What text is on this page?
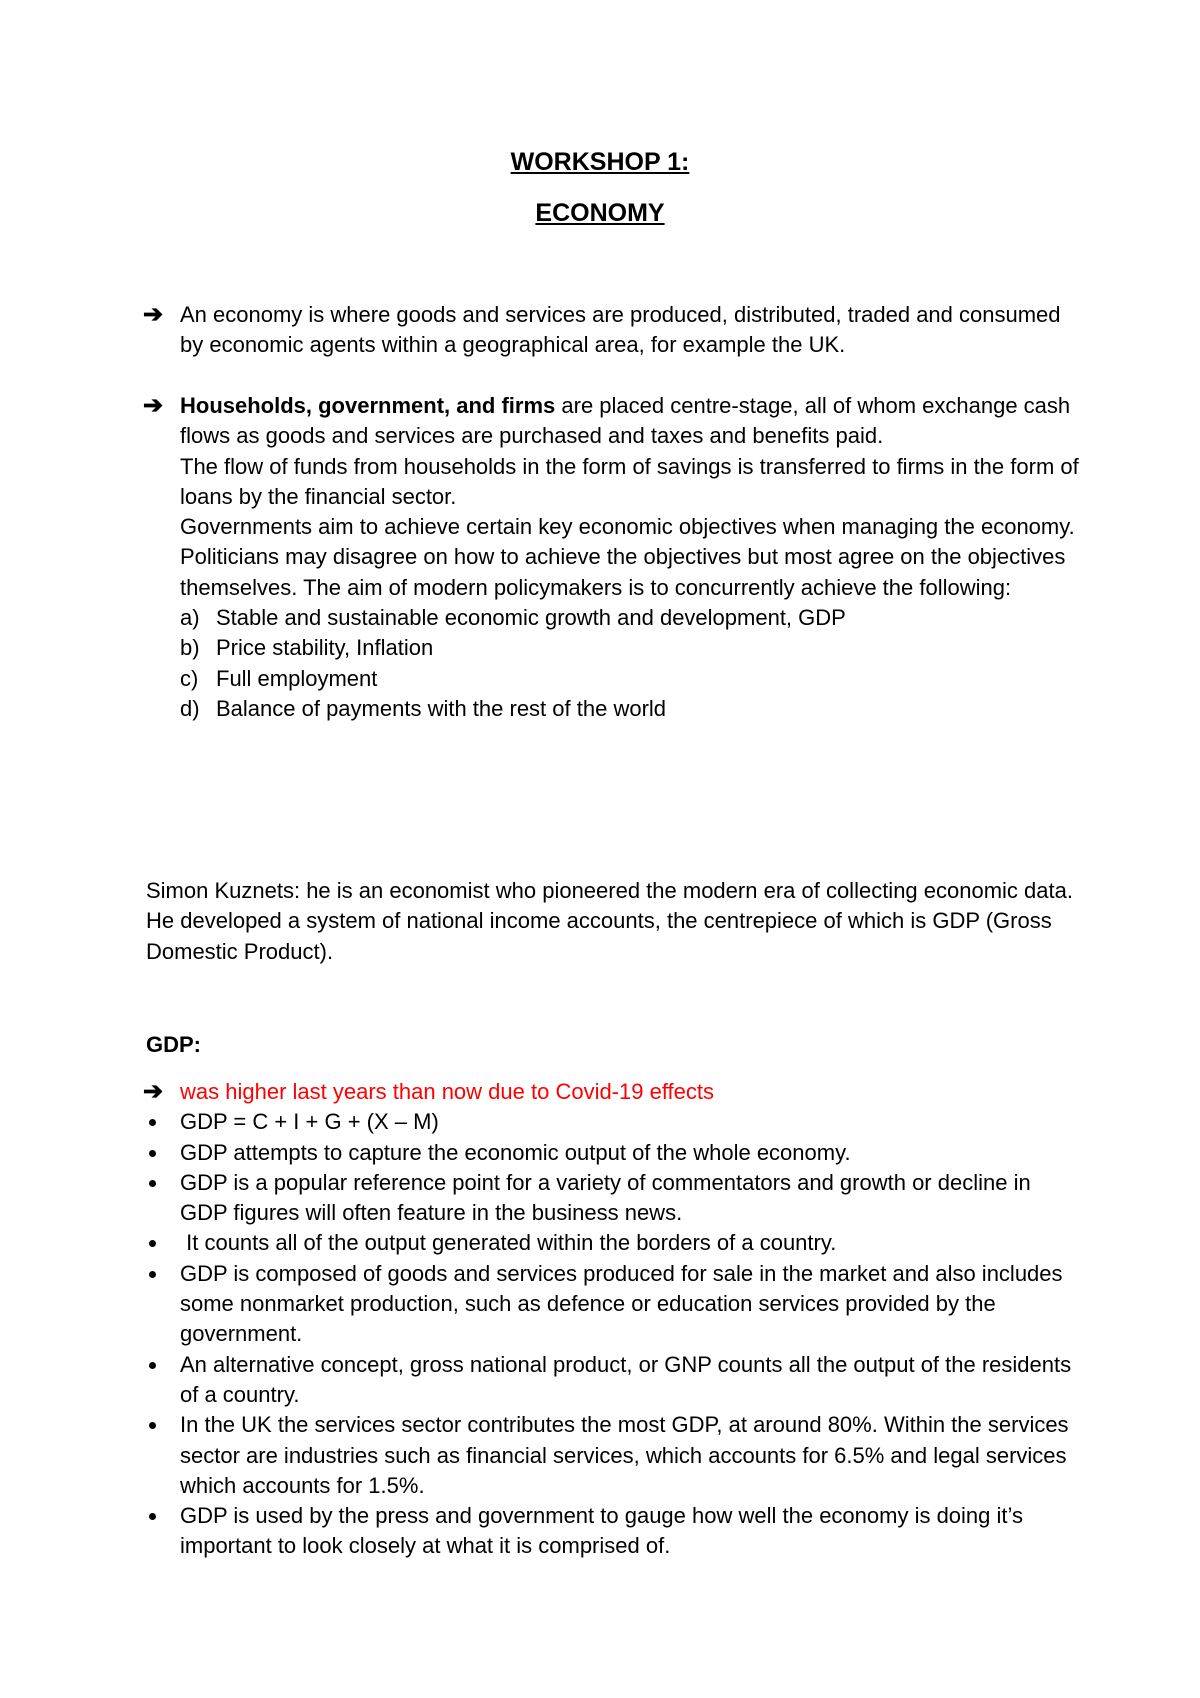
WORKSHOP 1:
ECONOMY
➔ An economy is where goods and services are produced, distributed, traded and consumed by economic agents within a geographical area, for example the UK.
➔ Households, government, and firms are placed centre-stage, all of whom exchange cash flows as goods and services are purchased and taxes and benefits paid.

The flow of funds from households in the form of savings is transferred to firms in the form of loans by the financial sector.

Governments aim to achieve certain key economic objectives when managing the economy.

Politicians may disagree on how to achieve the objectives but most agree on the objectives themselves. The aim of modern policymakers is to concurrently achieve the following:

a) Stable and sustainable economic growth and development, GDP

b) Price stability, Inflation

c) Full employment

d) Balance of payments with the rest of the world

Simon Kuznets: he is an economist who pioneered the modern era of collecting economic data. He developed a system of national income accounts, the centrepiece of which is GDP (Gross Domestic Product).
GDP:
➔ was higher last years than now due to Covid-19 effects
GDP = C + I + G + (X – M)
GDP attempts to capture the economic output of the whole economy.
GDP is a popular reference point for a variety of commentators and growth or decline in GDP figures will often feature in the business news.
It counts all of the output generated within the borders of a country.
GDP is composed of goods and services produced for sale in the market and also includes some nonmarket production, such as defence or education services provided by the government.
An alternative concept, gross national product, or GNP counts all the output of the residents of a country.
In the UK the services sector contributes the most GDP, at around 80%. Within the services sector are industries such as financial services, which accounts for 6.5% and legal services which accounts for 1.5%.
GDP is used by the press and government to gauge how well the economy is doing it’s important to look closely at what it is comprised of.
